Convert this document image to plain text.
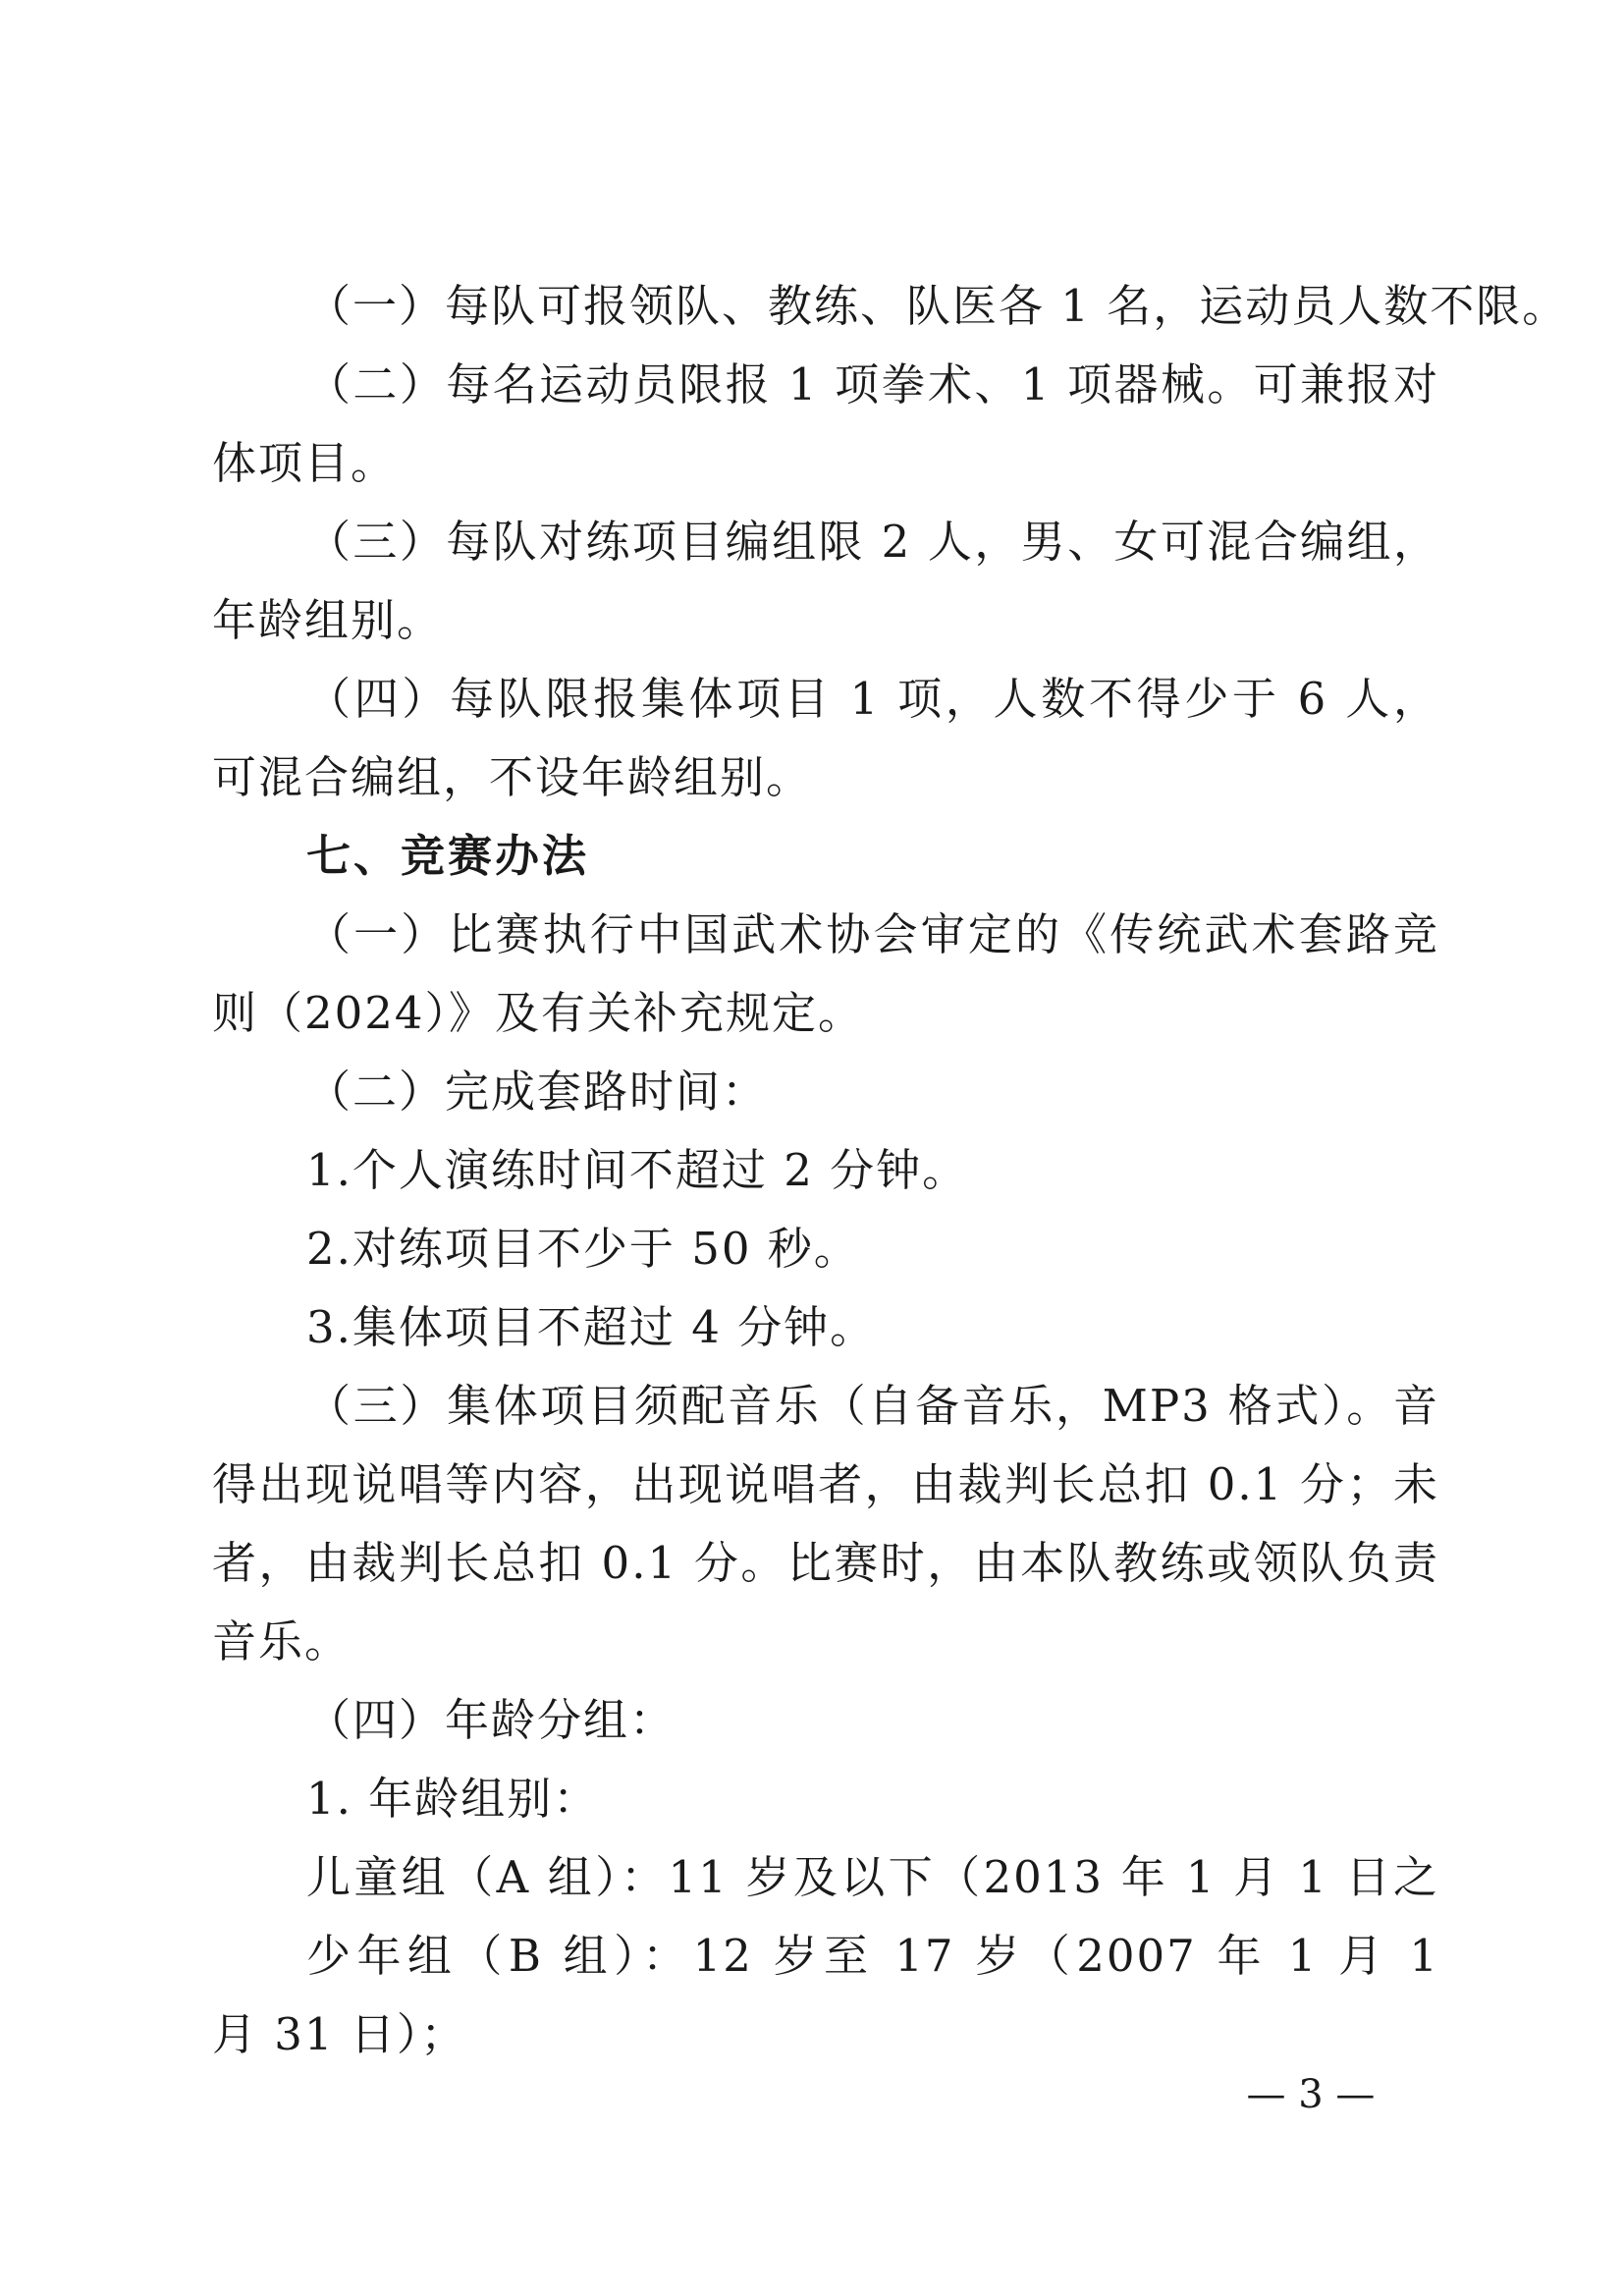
（一）每队可报领队、教练、队医各 1 名，运动员人数不限。
（二）每名运动员限报 1 项拳术、1 项器械。可兼报对
体项目。
（三）每队对练项目编组限 2 人，男、女可混合编组，
年龄组别。
（四）每队限报集体项目 1 项，人数不得少于 6 人，
可混合编组，不设年龄组别。
七、竞赛办法
（一）比赛执行中国武术协会审定的《传统武术套路竞
则（2024）》及有关补充规定。
（二）完成套路时间：
1.个人演练时间不超过 2 分钟。
2.对练项目不少于 50 秒。
3.集体项目不超过 4 分钟。
（三）集体项目须配音乐（自备音乐，MP3 格式）。音
得出现说唱等内容，出现说唱者，由裁判长总扣 0.1 分；未
者，由裁判长总扣 0.1 分。比赛时，由本队教练或领队负责
音乐。
（四）年龄分组：
1. 年龄组别：
儿童组（A 组）：11 岁及以下（2013 年 1 月 1 日之
少年组（B 组）：12 岁至 17 岁（2007 年 1 月 1
月 31 日）；
— 3 —
